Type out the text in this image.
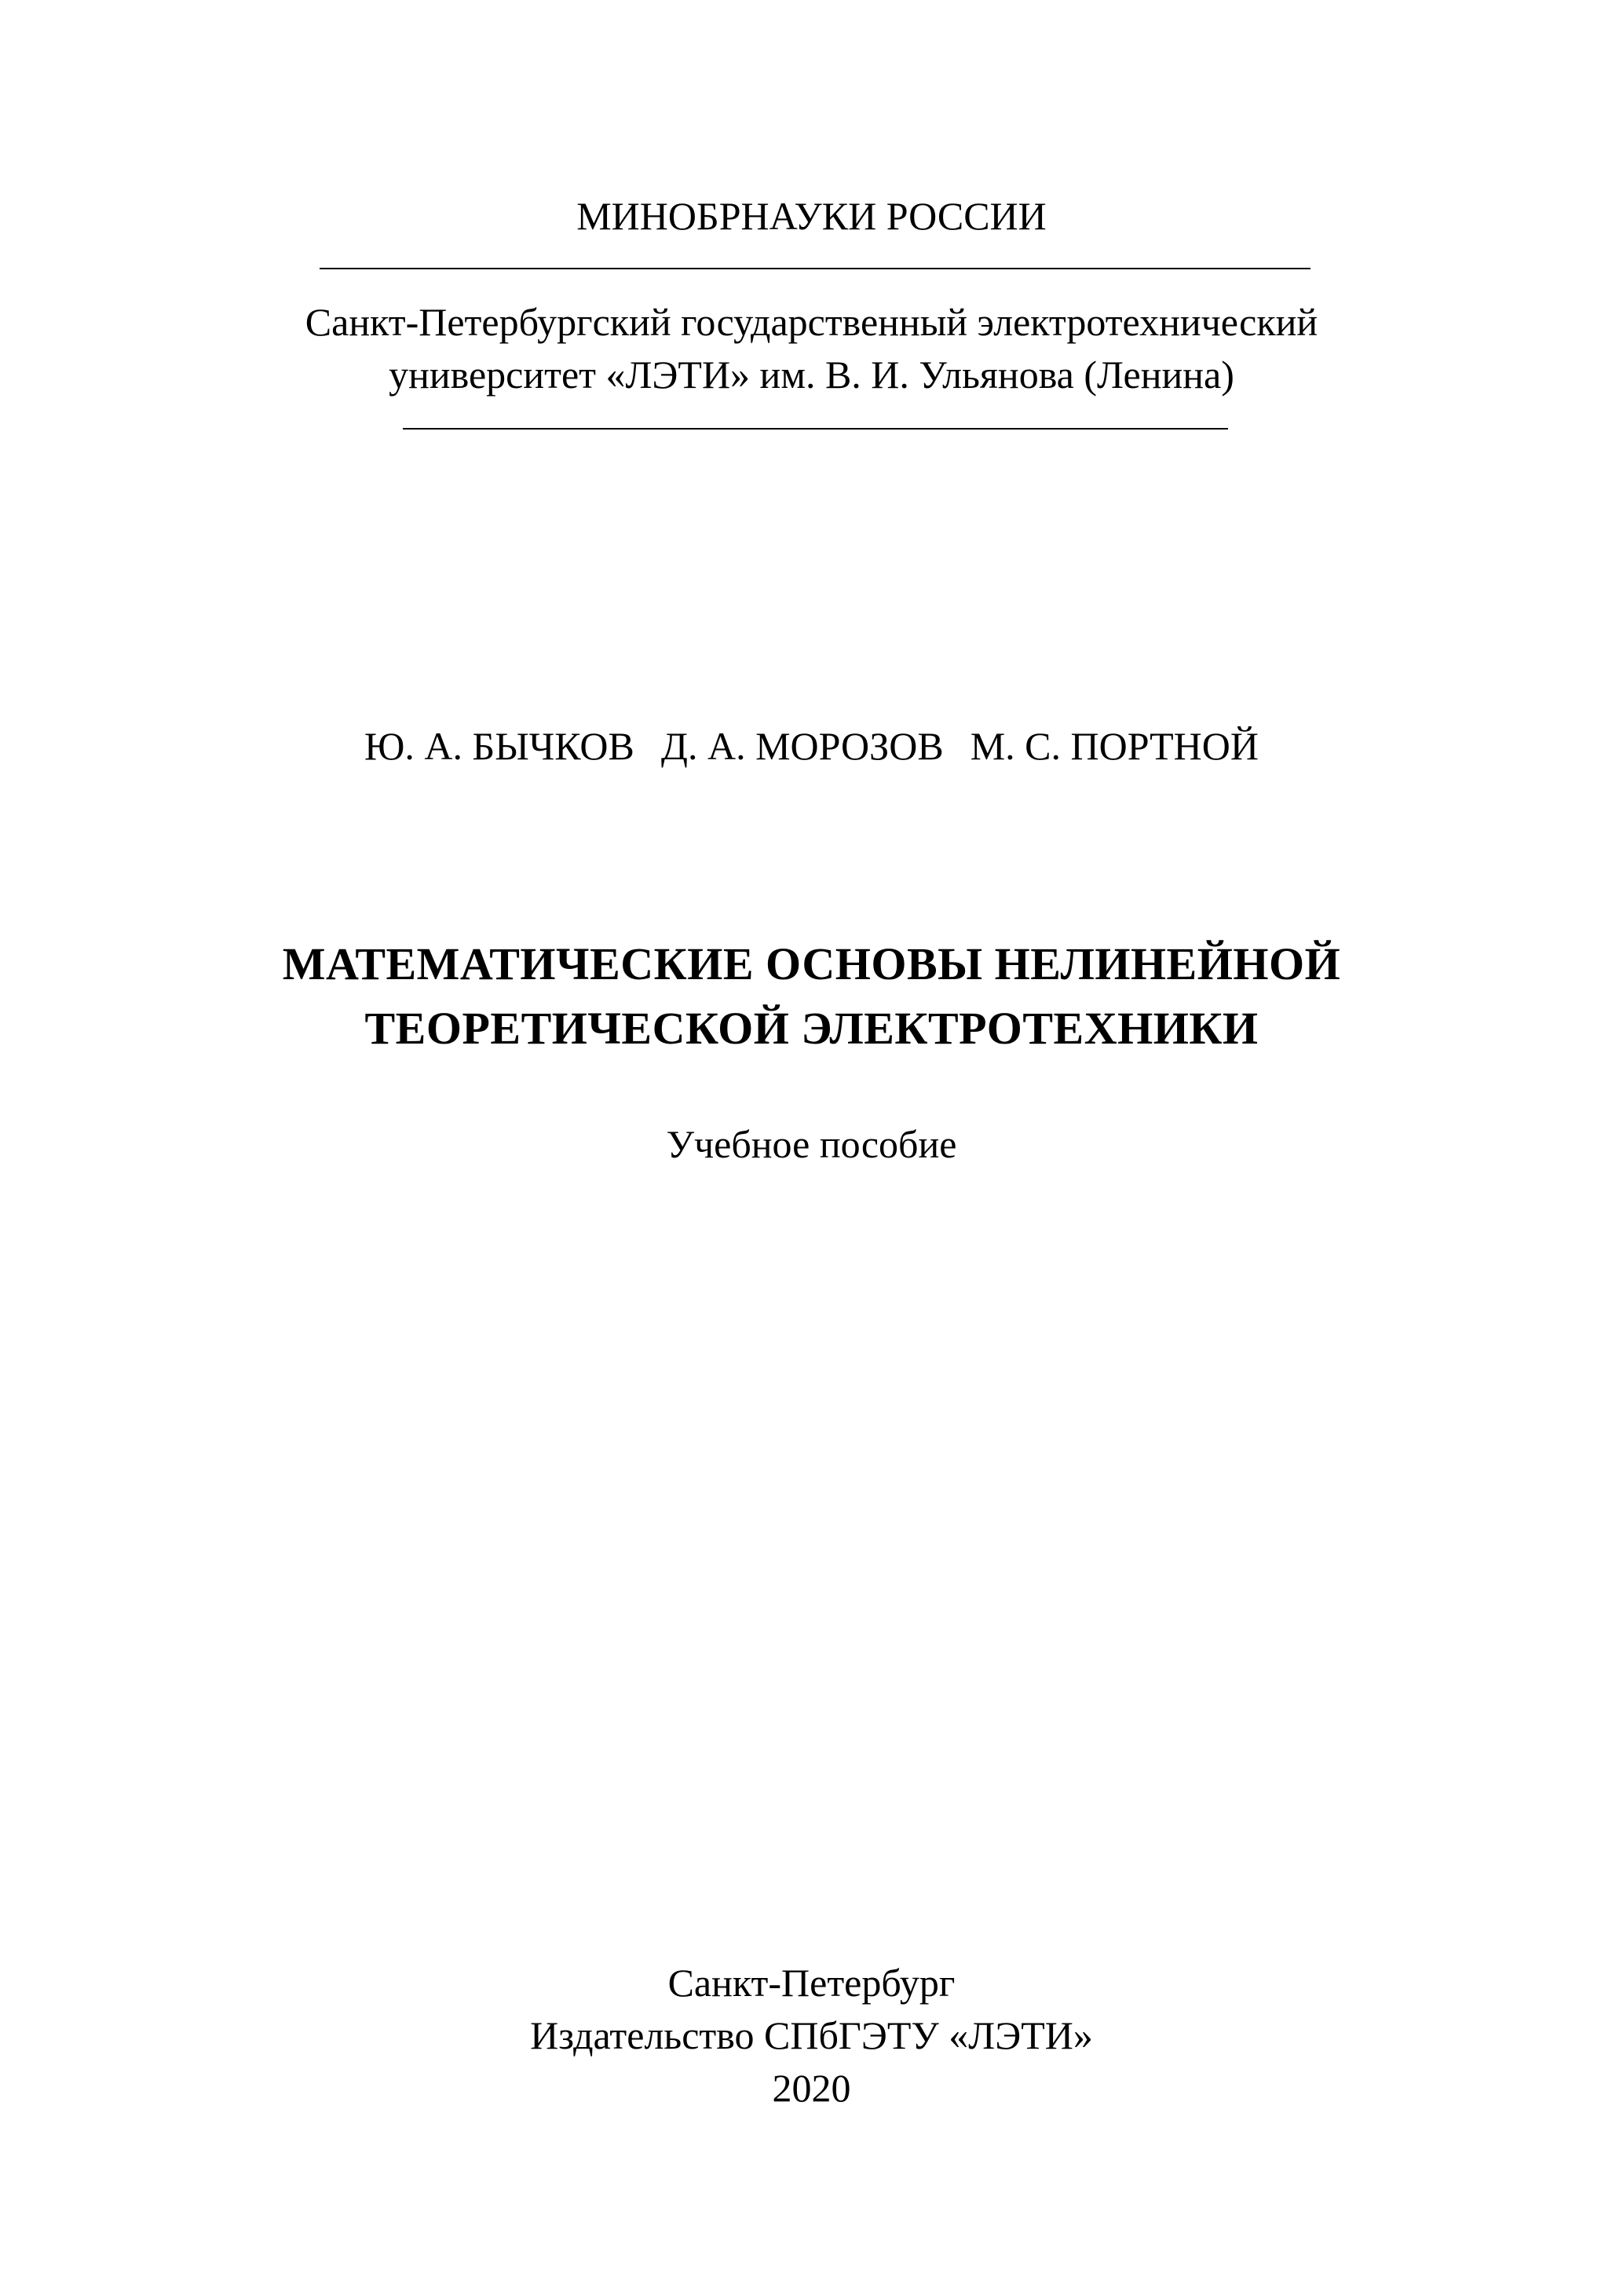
МИНОБРНАУКИ РОССИИ
Санкт-Петербургский государственный электротехнический
университет «ЛЭТИ» им. В. И. Ульянова (Ленина)
Ю. А. БЫЧКОВ Д. А. МОРОЗОВ М. С. ПОРТНОЙ
МАТЕМАТИЧЕСКИЕ ОСНОВЫ НЕЛИНЕЙНОЙ
ТЕОРЕТИЧЕСКОЙ ЭЛЕКТРОТЕХНИКИ
Учебное пособие
Санкт-Петербург
Издательство СПбГЭТУ «ЛЭТИ»
2020
